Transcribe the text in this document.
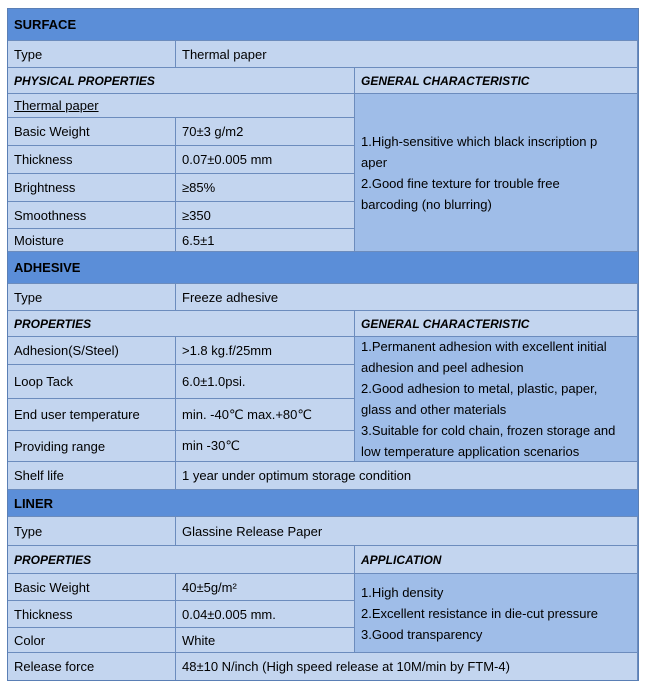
SURFACE
Type	Thermal paper
PHYSICAL PROPERTIES	GENERAL CHARACTERISTIC
Thermal paper
Basic Weight	70±3 g/m2
Thickness	0.07±0.005 mm
Brightness	≥85%
Smoothness	≥350
Moisture	6.5±1
1.High-sensitive which black inscription p
aper
2.Good fine texture for trouble free
barcoding (no blurring)
ADHESIVE
Type	Freeze adhesive
PROPERTIES	GENERAL CHARACTERISTIC
Adhesion(S/Steel)	>1.8 kg.f/25mm
Loop Tack	6.0±1.0psi.
End user temperature	min. -40℃ max.+80℃
Providing range	min -30℃
1.Permanent adhesion with excellent initial
adhesion and peel adhesion
2.Good adhesion to metal, plastic, paper,
glass and other materials
3.Suitable for cold chain, frozen storage and
low temperature application scenarios
Shelf life	1 year under optimum storage condition
LINER
Type	Glassine Release Paper
PROPERTIES	APPLICATION
Basic Weight	40±5g/m²
Thickness	0.04±0.005 mm.
Color	White
1.High density
2.Excellent resistance in die-cut pressure
3.Good transparency
Release force	48±10 N/inch (High speed release at 10M/min by FTM-4)
